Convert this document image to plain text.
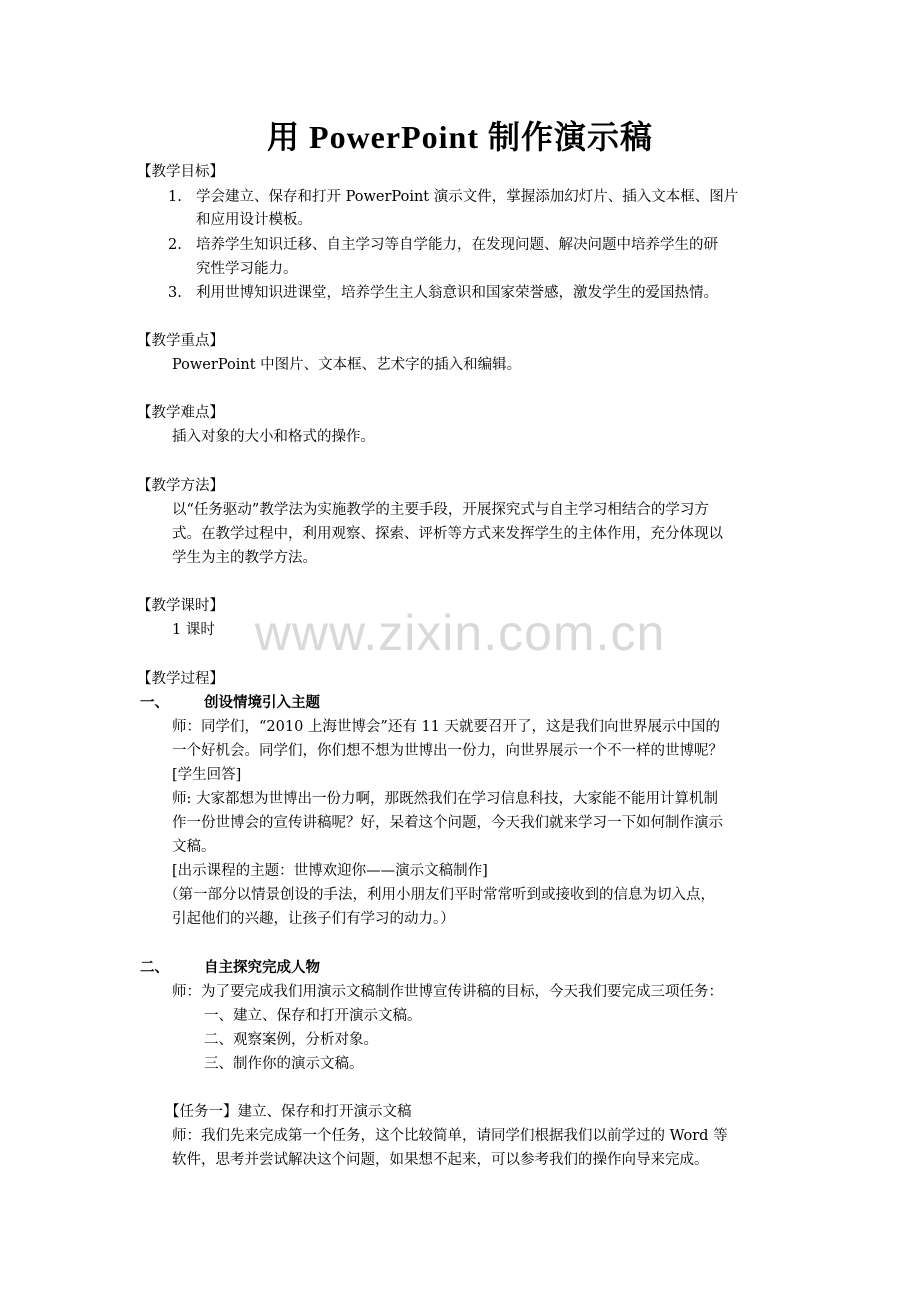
用 PowerPoint 制作演示稿
【教学目标】
1. 学会建立、保存和打开 PowerPoint 演示文件，掌握添加幻灯片、插入文本框、图片
和应用设计模板。
2. 培养学生知识迁移、自主学习等自学能力，在发现问题、解决问题中培养学生的研
究性学习能力。
3. 利用世博知识进课堂，培养学生主人翁意识和国家荣誉感，激发学生的爱国热情。
【教学重点】
PowerPoint 中图片、文本框、艺术字的插入和编辑。
【教学难点】
插入对象的大小和格式的操作。
【教学方法】
以“任务驱动”教学法为实施教学的主要手段，开展探究式与自主学习相结合的学习方
式。在教学过程中，利用观察、探索、评析等方式来发挥学生的主体作用，充分体现以
学生为主的教学方法。
【教学课时】
1 课时
【教学过程】
一、 创设情境引入主题
师：同学们，“2010 上海世博会”还有 11 天就要召开了，这是我们向世界展示中国的
一个好机会。同学们，你们想不想为世博出一份力，向世界展示一个不一样的世博呢？
[学生回答]
师: 大家都想为世博出一份力啊，那既然我们在学习信息科技，大家能不能用计算机制
作一份世博会的宣传讲稿呢？好，呆着这个问题，今天我们就来学习一下如何制作演示
文稿。
[出示课程的主题：世博欢迎你——演示文稿制作]
（第一部分以情景创设的手法，利用小朋友们平时常常听到或接收到的信息为切入点，
引起他们的兴趣，让孩子们有学习的动力。）
二、 自主探究完成人物
师：为了要完成我们用演示文稿制作世博宣传讲稿的目标，今天我们要完成三项任务：
一、建立、保存和打开演示文稿。
二、观察案例，分析对象。
三、制作你的演示文稿。
【任务一】建立、保存和打开演示文稿
师：我们先来完成第一个任务，这个比较简单，请同学们根据我们以前学过的 Word 等
软件，思考并尝试解决这个问题，如果想不起来，可以参考我们的操作向导来完成。
www.zixin.com.cn
